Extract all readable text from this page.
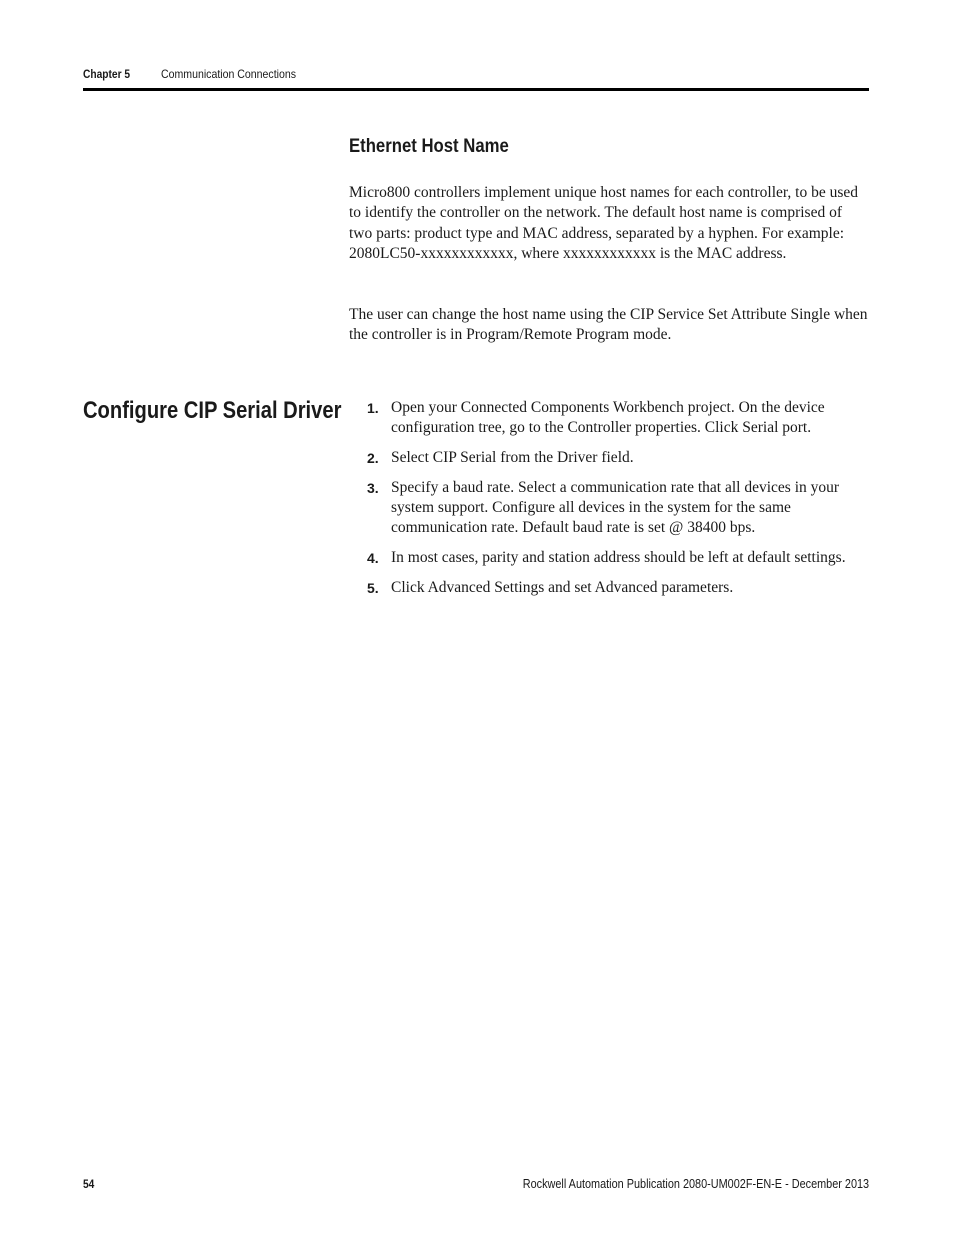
Chapter 5	Communication Connections
Ethernet Host Name

Micro800 controllers implement unique host names for each controller, to be used to identify the controller on the network. The default host name is comprised of two parts: product type and MAC address, separated by a hyphen. For example: 2080LC50-xxxxxxxxxxxx, where xxxxxxxxxxxx is the MAC address.

The user can change the host name using the CIP Service Set Attribute Single when the controller is in Program/Remote Program mode.

Configure CIP Serial Driver 1. Open your Connected Components Workbench project. On the device configuration tree, go to the Controller properties. Click Serial port.
2. Select CIP Serial from the Driver field.
3. Specify a baud rate. Select a communication rate that all devices in your system support. Configure all devices in the system for the same communication rate. Default baud rate is set @ 38400 bps.
4. In most cases, parity and station address should be left at default settings.
5. Click Advanced Settings and set Advanced parameters.
54	Rockwell Automation Publication 2080-UM002F-EN-E - December 2013
